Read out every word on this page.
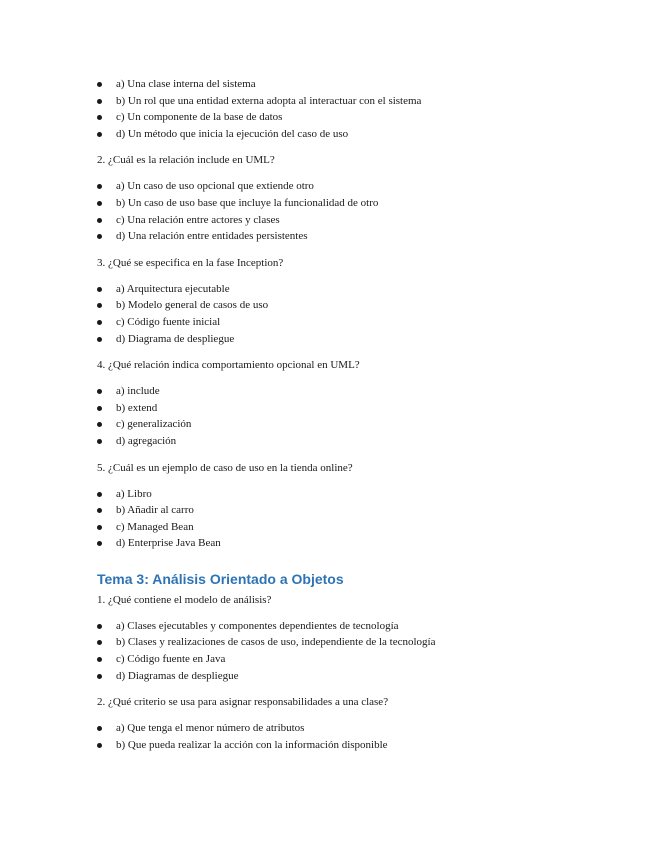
a) Una clase interna del sistema
b) Un rol que una entidad externa adopta al interactuar con el sistema
c) Un componente de la base de datos
d) Un método que inicia la ejecución del caso de uso

2. ¿Cuál es la relación include en UML?

a) Un caso de uso opcional que extiende otro
b) Un caso de uso base que incluye la funcionalidad de otro
c) Una relación entre actores y clases
d) Una relación entre entidades persistentes

3. ¿Qué se especifica en la fase Inception?

a) Arquitectura ejecutable
b) Modelo general de casos de uso
c) Código fuente inicial
d) Diagrama de despliegue

4. ¿Qué relación indica comportamiento opcional en UML?

a) include
b) extend
c) generalización
d) agregación

5. ¿Cuál es un ejemplo de caso de uso en la tienda online?

a) Libro
b) Añadir al carro
c) Managed Bean
d) Enterprise Java Bean
Tema 3: Análisis Orientado a Objetos

1. ¿Qué contiene el modelo de análisis?

a) Clases ejecutables y componentes dependientes de tecnología
b) Clases y realizaciones de casos de uso, independiente de la tecnología
c) Código fuente en Java
d) Diagramas de despliegue

2. ¿Qué criterio se usa para asignar responsabilidades a una clase?

a) Que tenga el menor número de atributos
b) Que pueda realizar la acción con la información disponible
